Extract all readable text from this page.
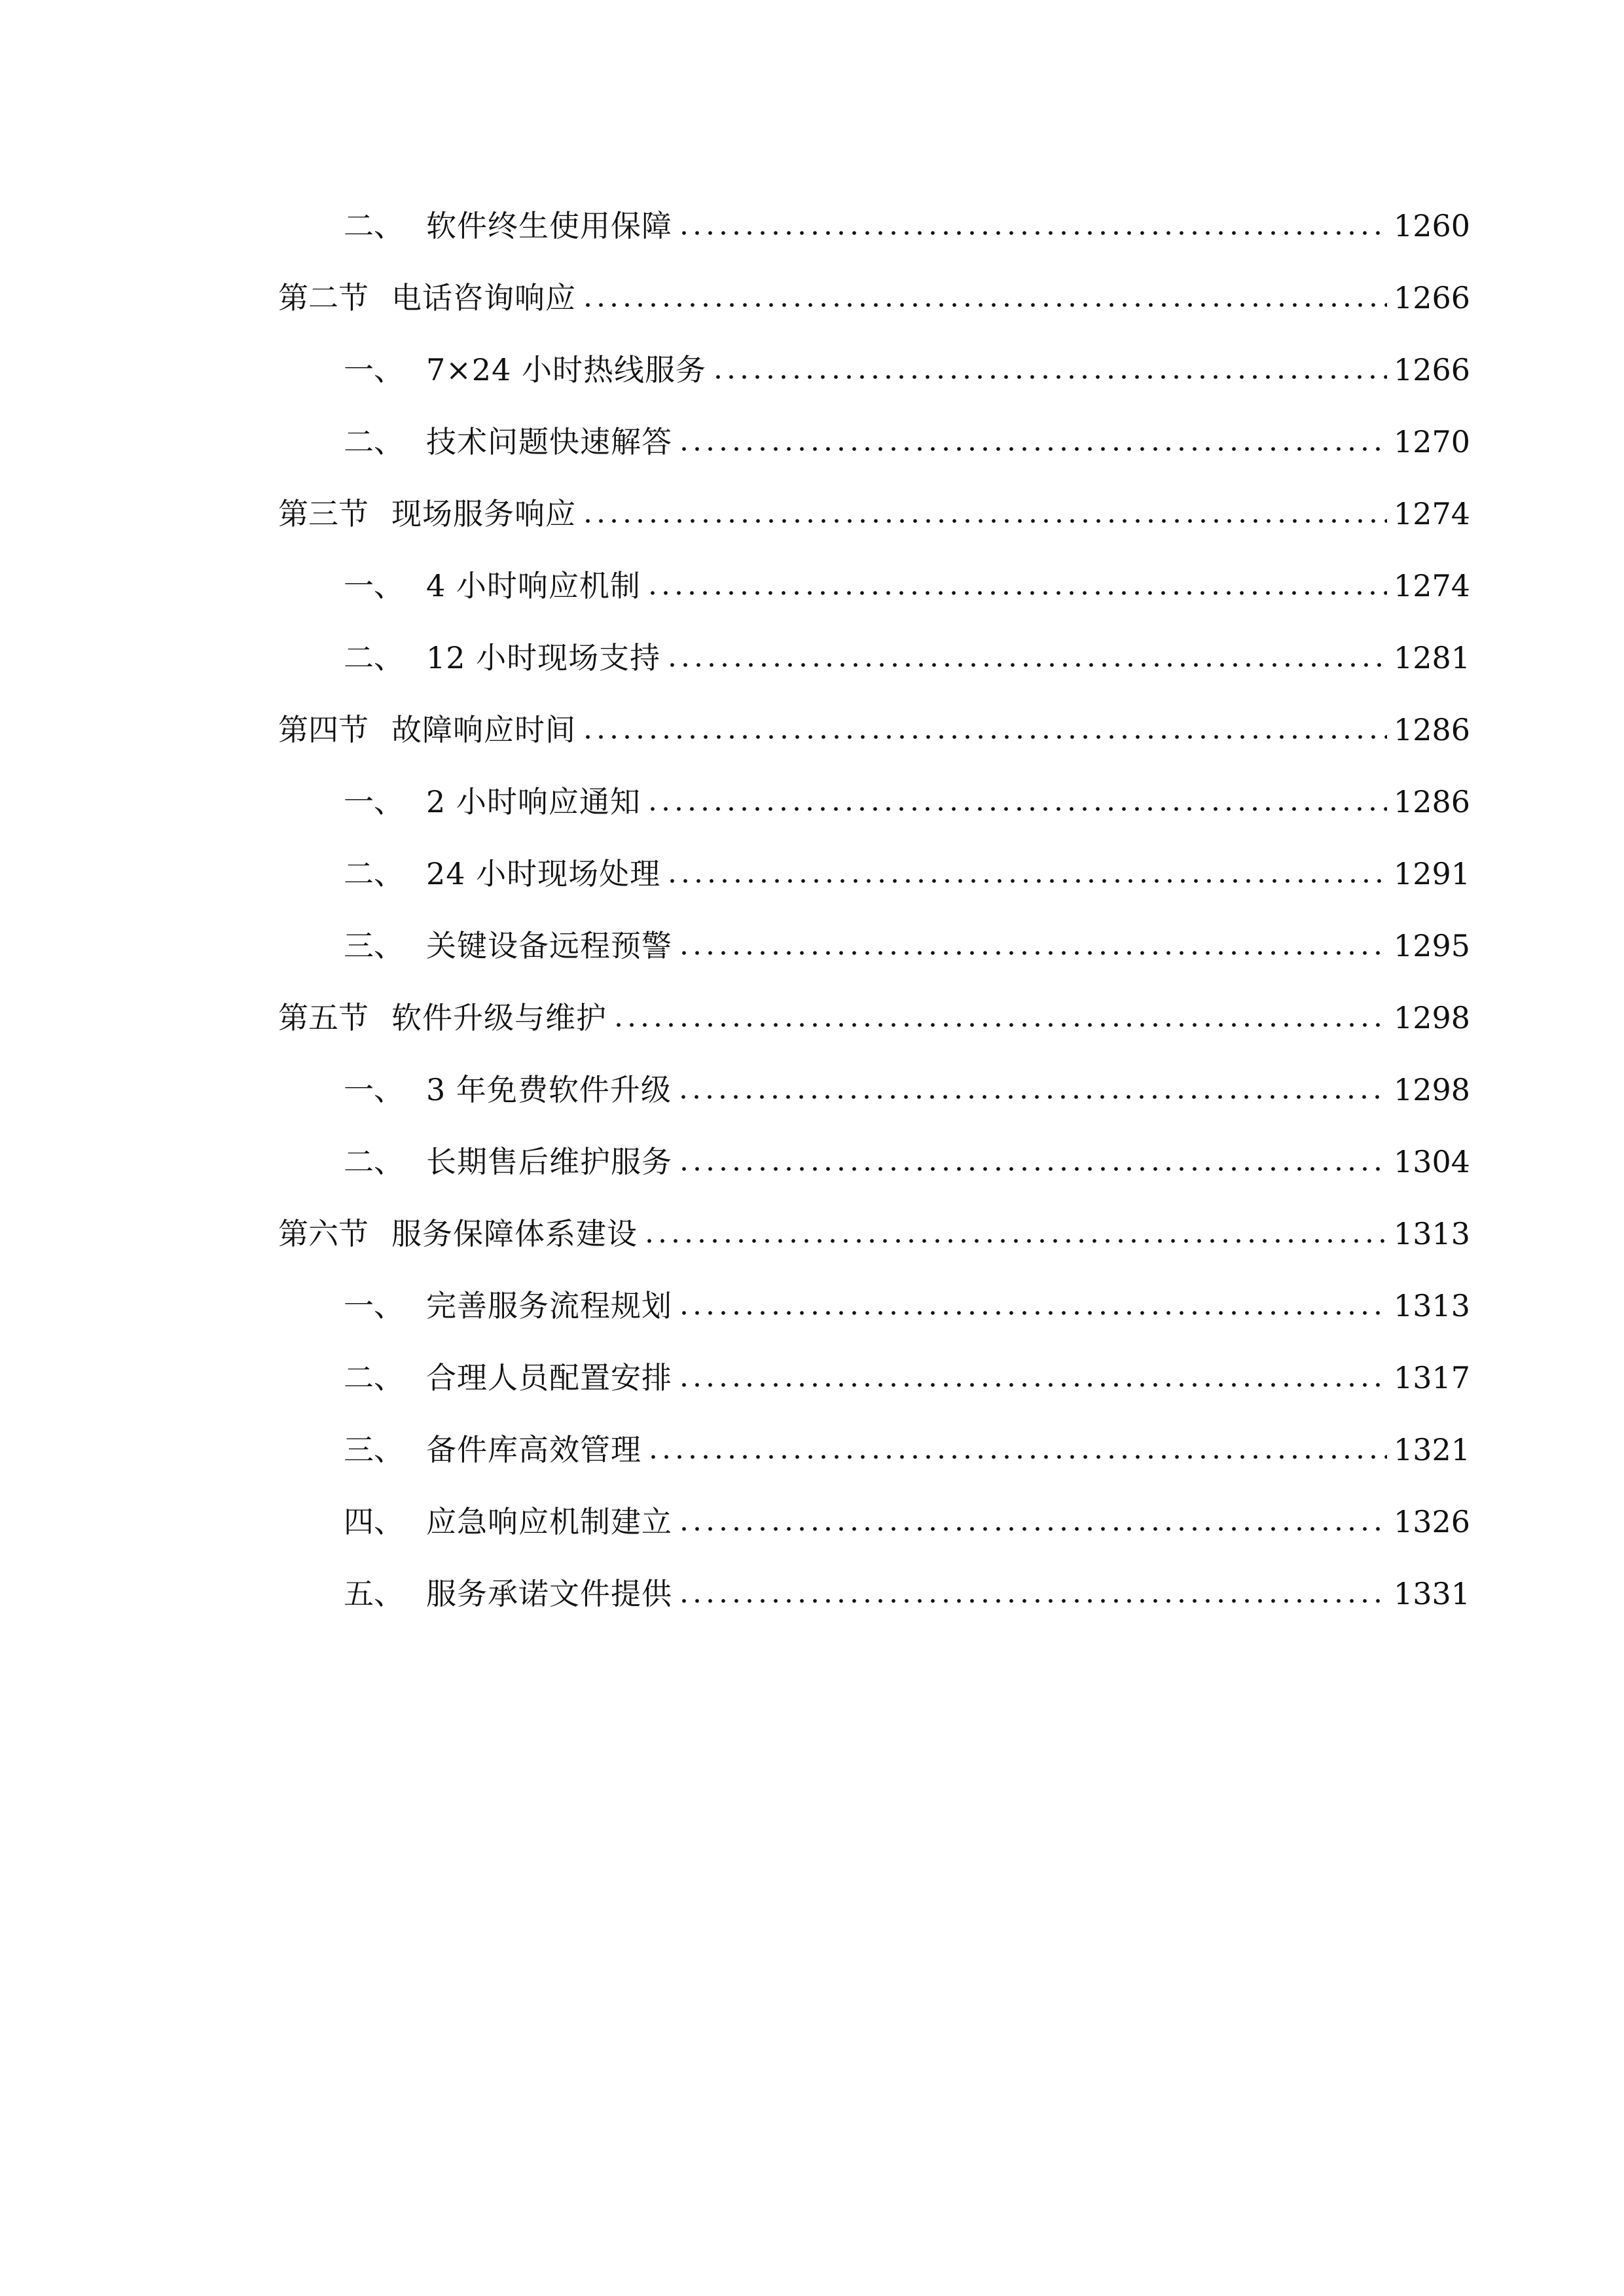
二、 软件终生使用保障	1260
第二节 电话咨询响应	1266
一、 7×24 小时热线服务	1266
二、 技术问题快速解答	1270
第三节 现场服务响应	1274
一、 4 小时响应机制	1274
二、 12 小时现场支持	1281
第四节 故障响应时间	1286
一、 2 小时响应通知	1286
二、 24 小时现场处理	1291
三、 关键设备远程预警	1295
第五节 软件升级与维护	1298
一、 3 年免费软件升级	1298
二、 长期售后维护服务	1304
第六节 服务保障体系建设	1313
一、 完善服务流程规划	1313
二、 合理人员配置安排	1317
三、 备件库高效管理	1321
四、 应急响应机制建立	1326
五、 服务承诺文件提供	1331
